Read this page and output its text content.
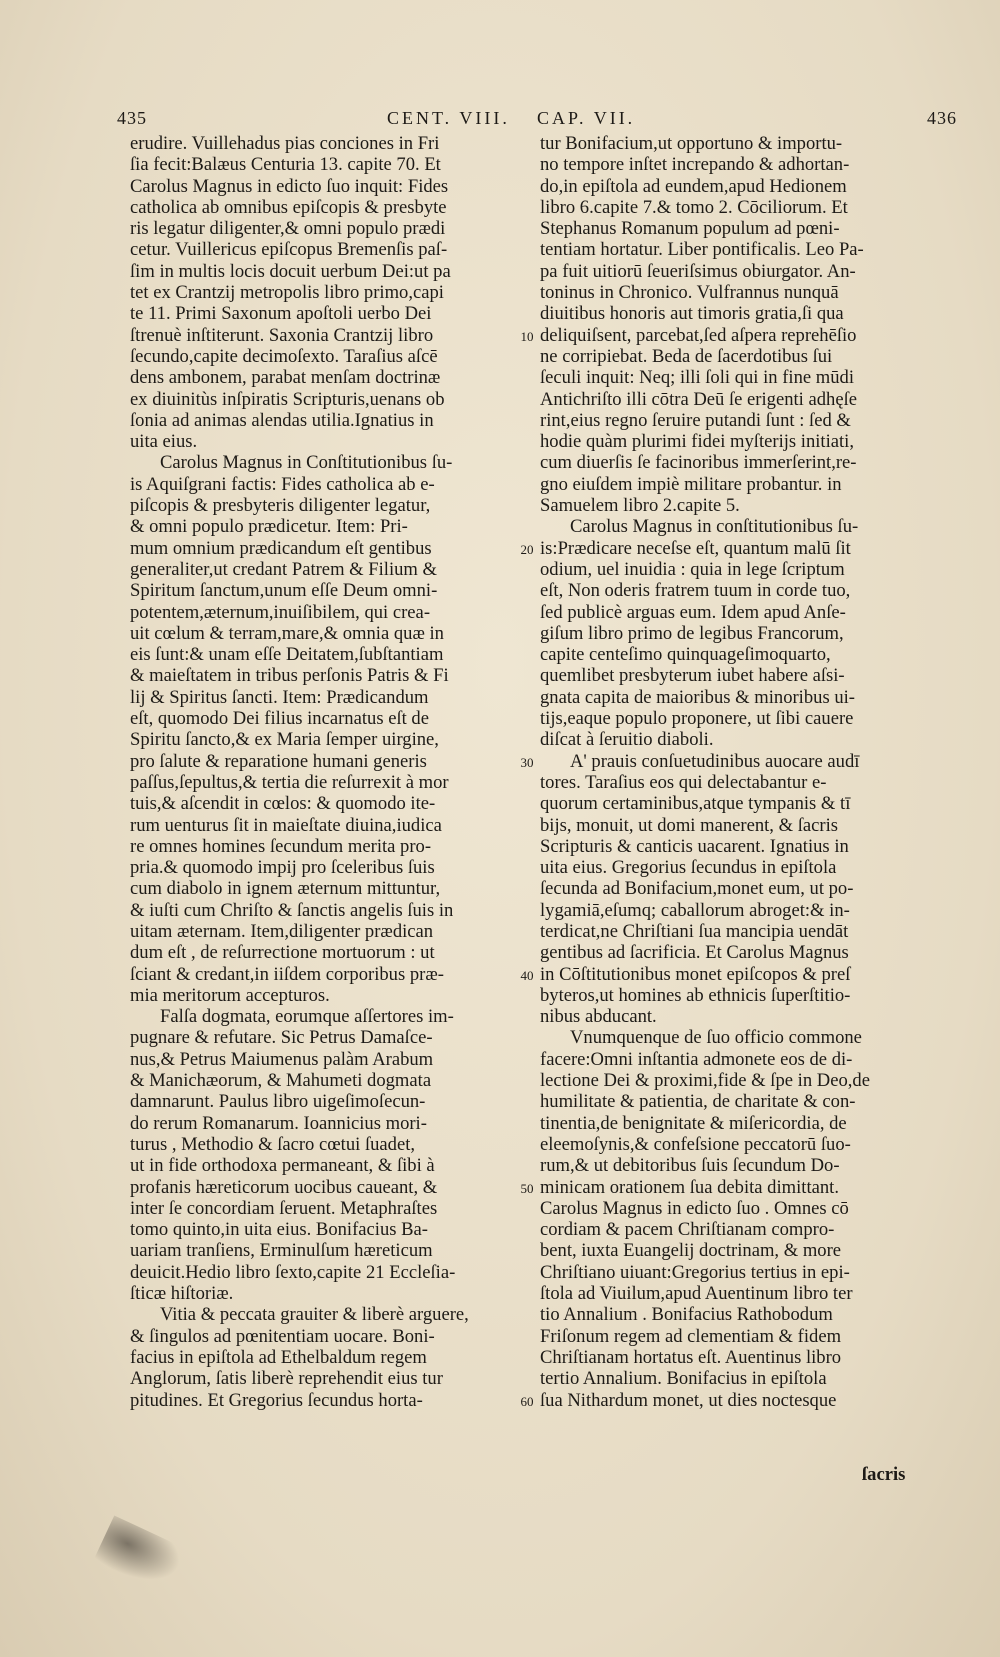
435	CENT. VIII. CAP. VII.	436
erudire. Vuillehadus pias conciones in Fri
ſia fecit:Balæus Centuria 13. capite 70. Et
Carolus Magnus in edicto ſuo inquit: Fides
catholica ab omnibus epiſcopis & presbyte
ris legatur diligenter,& omni populo prædi
cetur. Vuillericus epiſcopus Bremenſis paſ-
ſim in multis locis docuit uerbum Dei:ut pa
tet ex Crantzij metropolis libro primo,capi
te 11. Primi Saxonum apoſtoli uerbo Dei
ſtrenuè inſtiterunt. Saxonia Crantzij libro
ſecundo,capite decimoſexto. Taraſius aſcē
dens ambonem, parabat menſam doctrinæ
ex diuinitùs inſpiratis Scripturis,uenans ob
ſonia ad animas alendas utilia.Ignatius in
uita eius.
Carolus Magnus in Conſtitutionibus ſu-
is Aquiſgrani factis: Fides catholica ab e-
piſcopis & presbyteris diligenter legatur,
& omni populo prædicetur. Item: Pri-
mum omnium prædicandum eſt gentibus
generaliter,ut credant Patrem & Filium &
Spiritum ſanctum,unum eſſe Deum omni-
potentem,æternum,inuiſibilem, qui crea-
uit cœlum & terram,mare,& omnia quæ in
eis ſunt:& unam eſſe Deitatem,ſubſtantiam
& maieſtatem in tribus perſonis Patris & Fi
lij & Spiritus ſancti. Item: Prædicandum
eſt, quomodo Dei filius incarnatus eſt de
Spiritu ſancto,& ex Maria ſemper uirgine,
pro ſalute & reparatione humani generis
paſſus,ſepultus,& tertia die reſurrexit à mor
tuis,& aſcendit in cœlos: & quomodo ite-
rum uenturus ſit in maieſtate diuina,iudica
re omnes homines ſecundum merita pro-
pria.& quomodo impij pro ſceleribus ſuis
cum diabolo in ignem æternum mittuntur,
& iuſti cum Chriſto & ſanctis angelis ſuis in
uitam æternam. Item,diligenter prædican
dum eſt , de reſurrectione mortuorum : ut
ſciant & credant,in iiſdem corporibus præ-
mia meritorum accepturos.
Falſa dogmata, eorumque aſſertores im-
pugnare & refutare. Sic Petrus Damaſce-
nus,& Petrus Maiumenus palàm Arabum
& Manichæorum, & Mahumeti dogmata
damnarunt. Paulus libro uigeſimoſecun-
do rerum Romanarum. Ioannicius mori-
turus , Methodio & ſacro cœtui ſuadet,
ut in fide orthodoxa permaneant, & ſibi à
profanis hæreticorum uocibus caueant, &
inter ſe concordiam ſeruent. Metaphraſtes
tomo quinto,in uita eius. Bonifacius Ba-
uariam tranſiens, Erminulſum hæreticum
deuicit.Hedio libro ſexto,capite 21 Eccleſia-
ſticæ hiſtoriæ.
Vitia & peccata grauiter & liberè arguere,
& ſingulos ad pœnitentiam uocare. Boni-
facius in epiſtola ad Ethelbaldum regem
Anglorum, ſatis liberè reprehendit eius tur
pitudines. Et Gregorius ſecundus horta-
tur Bonifacium,ut opportuno & importu-
no tempore inſtet increpando & adhortan-
do,in epiſtola ad eundem,apud Hedionem
libro 6.capite 7.& tomo 2. Cōciliorum. Et
Stephanus Romanum populum ad pœni-
tentiam hortatur. Liber pontificalis. Leo Pa-
pa fuit uitiorū ſeueriſsimus obiurgator. An-
toninus in Chronico. Vulfrannus nunquā
diuitibus honoris aut timoris gratia,ſi qua
deliquiſsent, parcebat,ſed aſpera reprehēſio
ne corripiebat. Beda de ſacerdotibus ſui
ſeculi inquit: Neq; illi ſoli qui in fine mūdi
Antichriſto illi cōtra Deū ſe erigenti adhęſe
rint,eius regno ſeruire putandi ſunt : ſed &
hodie quàm plurimi fidei myſterijs initiati,
cum diuerſis ſe facinoribus immerſerint,re-
gno eiuſdem impiè militare probantur. in
Samuelem libro 2.capite 5.
Carolus Magnus in conſtitutionibus ſu-
is:Prædicare neceſse eſt, quantum malū ſit
odium, uel inuidia : quia in lege ſcriptum
eſt, Non oderis fratrem tuum in corde tuo,
ſed publicè arguas eum. Idem apud Anſe-
giſum libro primo de legibus Francorum,
capite centeſimo quinquageſimoquarto,
quemlibet presbyterum iubet habere aſsi-
gnata capita de maioribus & minoribus ui-
tijs,eaque populo proponere, ut ſibi cauere
diſcat à ſeruitio diaboli.
A' prauis conſuetudinibus auocare audī
tores. Taraſius eos qui delectabantur e-
quorum certaminibus,atque tympanis & tī
bijs, monuit, ut domi manerent, & ſacris
Scripturis & canticis uacarent. Ignatius in
uita eius. Gregorius ſecundus in epiſtola
ſecunda ad Bonifacium,monet eum, ut po-
lygamiā,eſumq; caballorum abroget:& in-
terdicat,ne Chriſtiani ſua mancipia uendāt
gentibus ad ſacrificia. Et Carolus Magnus
in Cōſtitutionibus monet epiſcopos & preſ
byteros,ut homines ab ethnicis ſuperſtitio-
nibus abducant.
Vnumquenque de ſuo officio commone
facere:Omni inſtantia admonete eos de di-
lectione Dei & proximi,fide & ſpe in Deo,de
humilitate & patientia, de charitate & con-
tinentia,de benignitate & miſericordia, de
eleemoſynis,& confeſsione peccatorū ſuo-
rum,& ut debitoribus ſuis ſecundum Do-
minicam orationem ſua debita dimittant.
Carolus Magnus in edicto ſuo . Omnes cō
cordiam & pacem Chriſtianam compro-
bent, iuxta Euangelij doctrinam, & more
Chriſtiano uiuant:Gregorius tertius in epi-
ſtola ad Viuilum,apud Auentinum libro ter
tio Annalium . Bonifacius Rathobodum
Friſonum regem ad clementiam & fidem
Chriſtianam hortatus eſt. Auentinus libro
tertio Annalium. Bonifacius in epiſtola
ſua Nithardum monet, ut dies noctesque
10
20
30
40
50
60
ſacris
